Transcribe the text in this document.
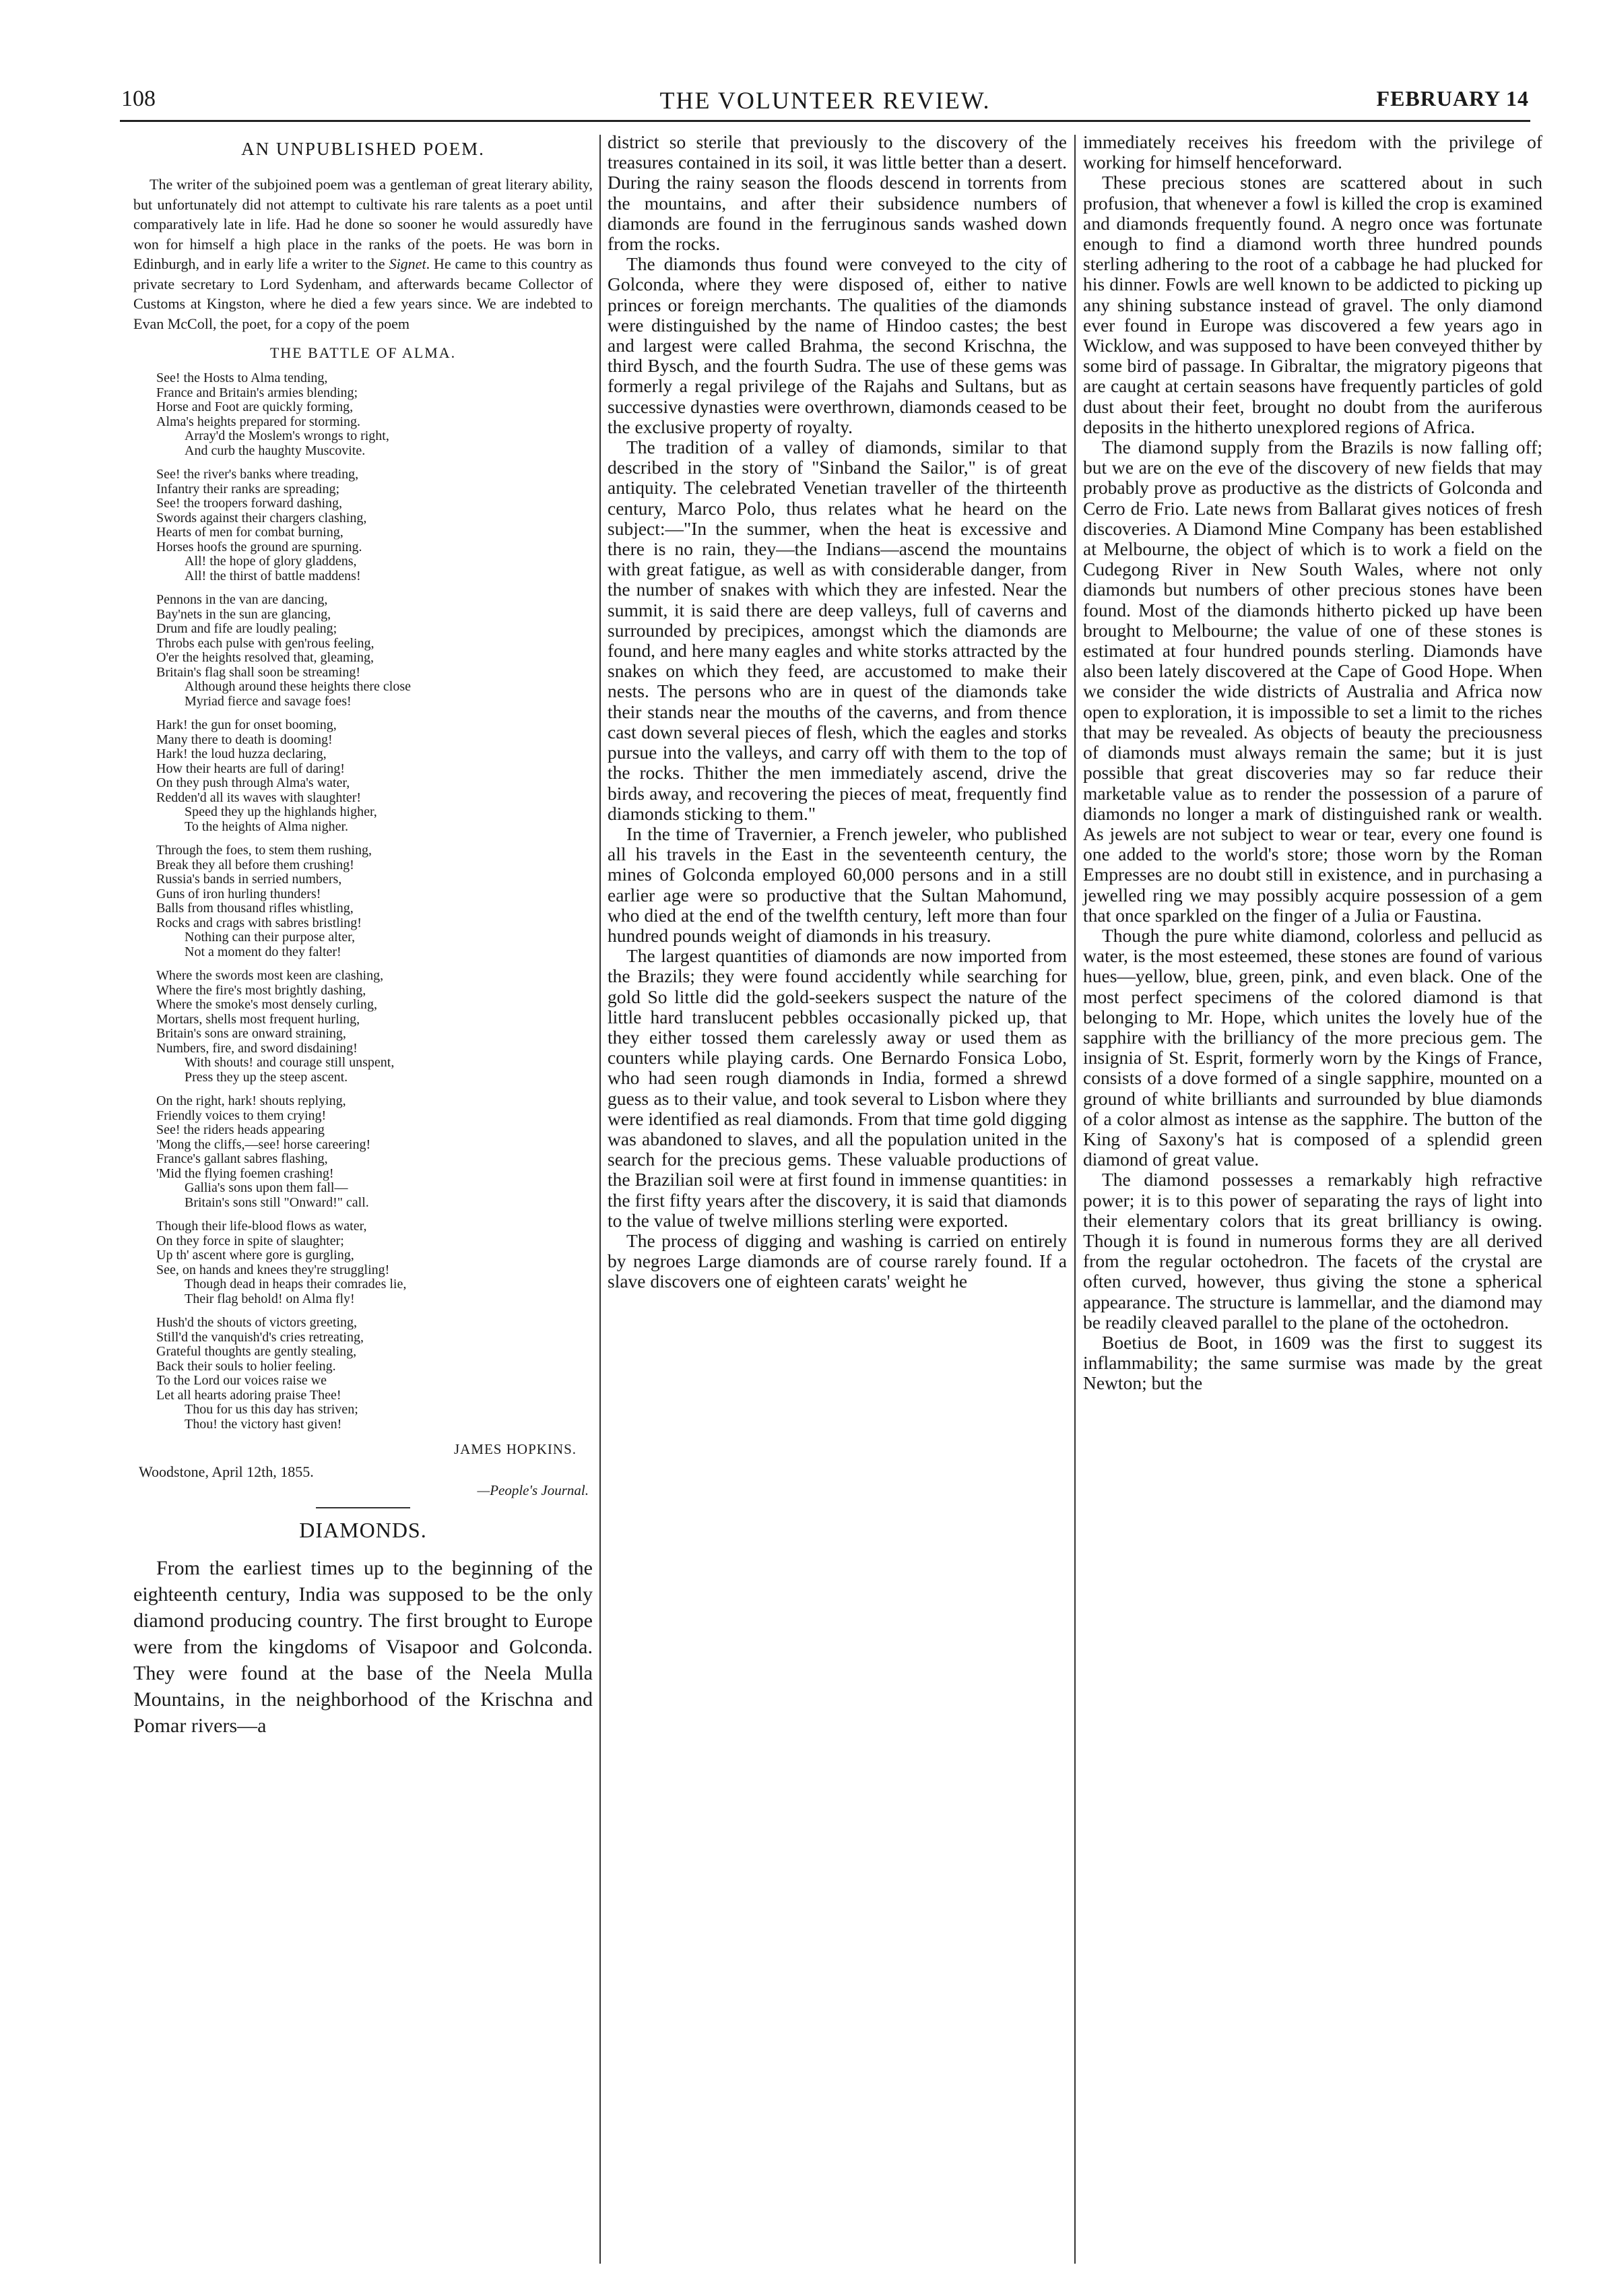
108	THE VOLUNTEER REVIEW.	FEBRUARY 14
AN UNPUBLISHED POEM.

The writer of the subjoined poem was a gentleman of great literary ability, but unfortunately did not attempt to cultivate his rare talents as a poet until comparatively late in life. Had he done so sooner he would assuredly have won for himself a high place in the ranks of the poets. He was born in Edinburgh, and in early life a writer to the Signet. He came to this country as private secretary to Lord Sydenham, and afterwards became Collector of Customs at Kingston, where he died a few years since. We are indebted to Evan McColl, the poet, for a copy of the poem

THE BATTLE OF ALMA.
See! the Hosts to Alma tending,
France and Britain's armies blending;
Horse and Foot are quickly forming,
Alma's heights prepared for storming.
Array'd the Moslem's wrongs to right,
And curb the haughty Muscovite.
See! the river's banks where treading,
Infantry their ranks are spreading;
See! the troopers forward dashing,
Swords against their chargers clashing,
Hearts of men for combat burning,
Horses hoofs the ground are spurning.
All! the hope of glory gladdens,
All! the thirst of battle maddens!
Pennons in the van are dancing,
Bay'nets in the sun are glancing,
Drum and fife are loudly pealing;
Throbs each pulse with gen'rous feeling,
O'er the heights resolved that, gleaming,
Britain's flag shall soon be streaming!
Although around these heights there close
Myriad fierce and savage foes!
Hark! the gun for onset booming,
Many there to death is dooming!
Hark! the loud huzza declaring,
How their hearts are full of daring!
On they push through Alma's water,
Redden'd all its waves with slaughter!
Speed they up the highlands higher,
To the heights of Alma nigher.
Through the foes, to stem them rushing,
Break they all before them crushing!
Russia's bands in serried numbers,
Guns of iron hurling thunders!
Balls from thousand rifles whistling,
Rocks and crags with sabres bristling!
Nothing can their purpose alter,
Not a moment do they falter!
Where the swords most keen are clashing,
Where the fire's most brightly dashing,
Where the smoke's most densely curling,
Mortars, shells most frequent hurling,
Britain's sons are onward straining,
Numbers, fire, and sword disdaining!
With shouts! and courage still unspent,
Press they up the steep ascent.
On the right, hark! shouts replying,
Friendly voices to them crying!
See! the riders heads appearing
'Mong the cliffs,—see! horse careering!
France's gallant sabres flashing,
'Mid the flying foemen crashing!
Gallia's sons upon them fall—
Britain's sons still "Onward!" call.
Though their life-blood flows as water,
On they force in spite of slaughter;
Up th' ascent where gore is gurgling,
See, on hands and knees they're struggling!
Though dead in heaps their comrades lie,
Their flag behold! on Alma fly!
Hush'd the shouts of victors greeting,
Still'd the vanquish'd's cries retreating,
Grateful thoughts are gently stealing,
Back their souls to holier feeling.
To the Lord our voices raise we
Let all hearts adoring praise Thee!
Thou for us this day has striven;
Thou! the victory hast given!
JAMES HOPKINS.
Woodstone, April 12th, 1855.
—People's Journal.
DIAMONDS.

From the earliest times up to the beginning of the eighteenth century, India was supposed to be the only diamond producing country. The first brought to Europe were from the kingdoms of Visapoor and Golconda. They were found at the base of the Neela Mulla Mountains, in the neighborhood of the Krischna and Pomar rivers—a

district so sterile that previously to the discovery of the treasures contained in its soil, it was little better than a desert. During the rainy season the floods descend in torrents from the mountains, and after their subsidence numbers of diamonds are found in the ferruginous sands washed down from the rocks.

The diamonds thus found were conveyed to the city of Golconda, where they were disposed of, either to native princes or foreign merchants. The qualities of the diamonds were distinguished by the name of Hindoo castes; the best and largest were called Brahma, the second Krischna, the third Bysch, and the fourth Sudra. The use of these gems was formerly a regal privilege of the Rajahs and Sultans, but as successive dynasties were overthrown, diamonds ceased to be the exclusive property of royalty.

The tradition of a valley of diamonds, similar to that described in the story of "Sinband the Sailor," is of great antiquity. The celebrated Venetian traveller of the thirteenth century, Marco Polo, thus relates what he heard on the subject:—"In the summer, when the heat is excessive and there is no rain, they—the Indians—ascend the mountains with great fatigue, as well as with considerable danger, from the number of snakes with which they are infested. Near the summit, it is said there are deep valleys, full of caverns and surrounded by precipices, amongst which the diamonds are found, and here many eagles and white storks attracted by the snakes on which they feed, are accustomed to make their nests. The persons who are in quest of the diamonds take their stands near the mouths of the caverns, and from thence cast down several pieces of flesh, which the eagles and storks pursue into the valleys, and carry off with them to the top of the rocks. Thither the men immediately ascend, drive the birds away, and recovering the pieces of meat, frequently find diamonds sticking to them."

In the time of Travernier, a French jeweler, who published all his travels in the East in the seventeenth century, the mines of Golconda employed 60,000 persons and in a still earlier age were so productive that the Sultan Mahomund, who died at the end of the twelfth century, left more than four hundred pounds weight of diamonds in his treasury.

The largest quantities of diamonds are now imported from the Brazils; they were found accidently while searching for gold So little did the gold-seekers suspect the nature of the little hard translucent pebbles occasionally picked up, that they either tossed them carelessly away or used them as counters while playing cards. One Bernardo Fonsica Lobo, who had seen rough diamonds in India, formed a shrewd guess as to their value, and took several to Lisbon where they were identified as real diamonds. From that time gold digging was abandoned to slaves, and all the population united in the search for the precious gems. These valuable productions of the Brazilian soil were at first found in immense quantities: in the first fifty years after the discovery, it is said that diamonds to the value of twelve millions sterling were exported.

The process of digging and washing is carried on entirely by negroes Large diamonds are of course rarely found. If a slave discovers one of eighteen carats' weight he

immediately receives his freedom with the privilege of working for himself henceforward.

These precious stones are scattered about in such profusion, that whenever a fowl is killed the crop is examined and diamonds frequently found. A negro once was fortunate enough to find a diamond worth three hundred pounds sterling adhering to the root of a cabbage he had plucked for his dinner. Fowls are well known to be addicted to picking up any shining substance instead of gravel. The only diamond ever found in Europe was discovered a few years ago in Wicklow, and was supposed to have been conveyed thither by some bird of passage. In Gibraltar, the migratory pigeons that are caught at certain seasons have frequently particles of gold dust about their feet, brought no doubt from the auriferous deposits in the hitherto unexplored regions of Africa.

The diamond supply from the Brazils is now falling off; but we are on the eve of the discovery of new fields that may probably prove as productive as the districts of Golconda and Cerro de Frio. Late news from Ballarat gives notices of fresh discoveries. A Diamond Mine Company has been established at Melbourne, the object of which is to work a field on the Cudegong River in New South Wales, where not only diamonds but numbers of other precious stones have been found. Most of the diamonds hitherto picked up have been brought to Melbourne; the value of one of these stones is estimated at four hundred pounds sterling. Diamonds have also been lately discovered at the Cape of Good Hope. When we consider the wide districts of Australia and Africa now open to exploration, it is impossible to set a limit to the riches that may be revealed. As objects of beauty the preciousness of diamonds must always remain the same; but it is just possible that great discoveries may so far reduce their marketable value as to render the possession of a parure of diamonds no longer a mark of distinguished rank or wealth. As jewels are not subject to wear or tear, every one found is one added to the world's store; those worn by the Roman Empresses are no doubt still in existence, and in purchasing a jewelled ring we may possibly acquire possession of a gem that once sparkled on the finger of a Julia or Faustina.

Though the pure white diamond, colorless and pellucid as water, is the most esteemed, these stones are found of various hues—yellow, blue, green, pink, and even black. One of the most perfect specimens of the colored diamond is that belonging to Mr. Hope, which unites the lovely hue of the sapphire with the brilliancy of the more precious gem. The insignia of St. Esprit, formerly worn by the Kings of France, consists of a dove formed of a single sapphire, mounted on a ground of white brilliants and surrounded by blue diamonds of a color almost as intense as the sapphire. The button of the King of Saxony's hat is composed of a splendid green diamond of great value.

The diamond possesses a remarkably high refractive power; it is to this power of separating the rays of light into their elementary colors that its great brilliancy is owing. Though it is found in numerous forms they are all derived from the regular octohedron. The facets of the crystal are often curved, however, thus giving the stone a spherical appearance. The structure is lammellar, and the diamond may be readily cleaved parallel to the plane of the octohedron.

Boetius de Boot, in 1609 was the first to suggest its inflammability; the same surmise was made by the great Newton; but the
